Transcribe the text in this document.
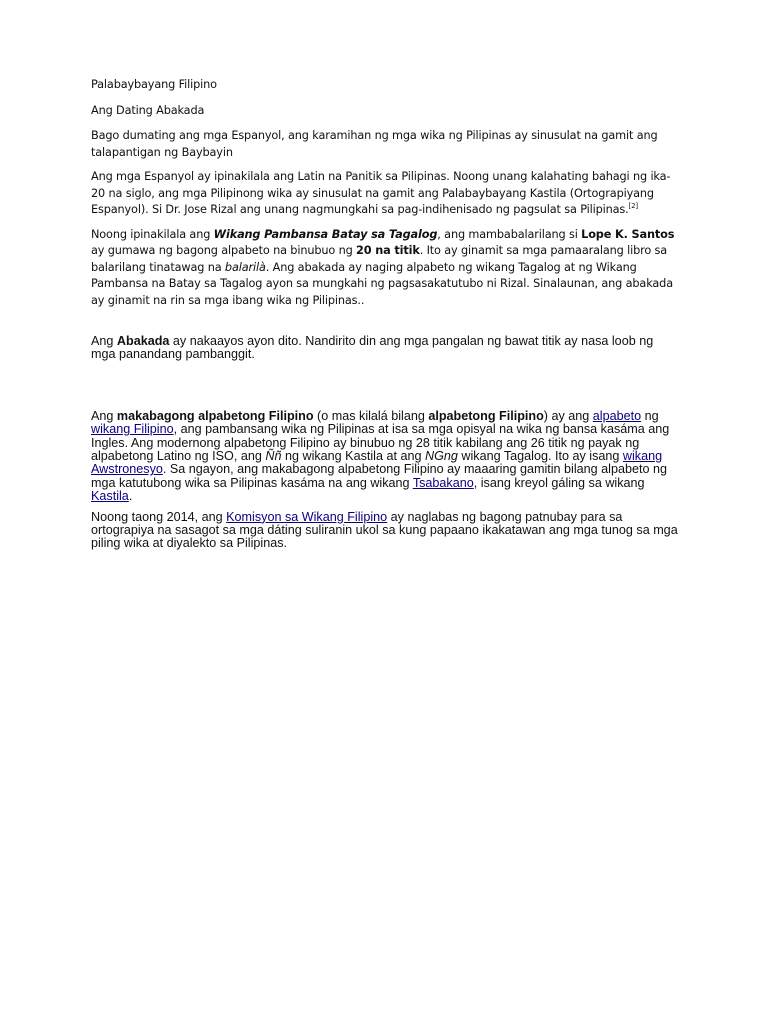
Palabaybayang Filipino

Ang Dating Abakada

Bago dumating ang mga Espanyol, ang karamihan ng mga wika ng Pilipinas ay sinusulat na gamit ang talapantigan ng Baybayin

Ang mga Espanyol ay ipinakilala ang Latin na Panitik sa Pilipinas. Noong unang kalahating bahagi ng ika-20 na siglo, ang mga Pilipinong wika ay sinusulat na gamit ang Palabaybayang Kastila (Ortograpiyang Espanyol). Si Dr. Jose Rizal ang unang nagmungkahi sa pag-indihenisado ng pagsulat sa Pilipinas.[2]

Noong ipinakilala ang Wikang Pambansa Batay sa Tagalog, ang mambabalarilang si Lope K. Santos ay gumawa ng bagong alpabeto na binubuo ng 20 na titik. Ito ay ginamit sa mga pamaaralang libro sa balarilang tinatawag na balarilà. Ang abakada ay naging alpabeto ng wikang Tagalog at ng Wikang Pambansa na Batay sa Tagalog ayon sa mungkahi ng pagsasakatutubo ni Rizal. Sinalaunan, ang abakada ay ginamit na rin sa mga ibang wika ng Pilipinas..

Ang Abakada ay nakaayos ayon dito. Nandirito din ang mga pangalan ng bawat titik ay nasa loob ng mga panandang pambanggit.

Ang makabagong alpabetong Filipino (o mas kilalá bilang alpabetong Filipino) ay ang alpabeto ng wikang Filipino, ang pambansang wika ng Pilipinas at isa sa mga opisyal na wika ng bansa kasáma ang Ingles. Ang modernong alpabetong Filipino ay binubuo ng 28 titik kabilang ang 26 titik ng payak ng alpabetong Latino ng ISO, ang Ññ ng wikang Kastila at ang NGng wikang Tagalog. Ito ay isang wikang Awstronesyo. Sa ngayon, ang makabagong alpabetong Filipino ay maaaring gamitin bilang alpabeto ng mga katutubong wika sa Pilipinas kasáma na ang wikang Tsabakano, isang kreyol gáling sa wikang Kastila.

Noong taong 2014, ang Komisyon sa Wikang Filipino ay naglabas ng bagong patnubay para sa ortograpiya na sasagot sa mga dáting suliranin ukol sa kung papaano ikakatawan ang mga tunog sa mga piling wika at diyalekto sa Pilipinas.
